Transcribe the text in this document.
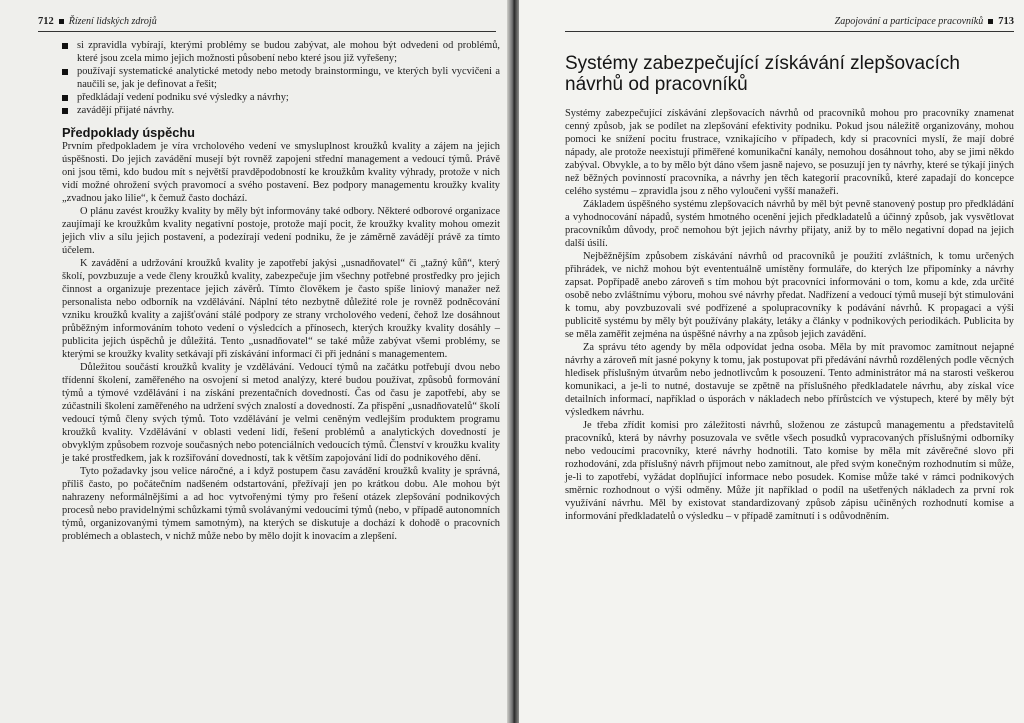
712 Řízení lidských zdrojů
si zpravidla vybírají, kterými problémy se budou zabývat, ale mohou být odvedeni od problémů, které jsou zcela mimo jejich možnosti působení nebo které jsou již vyřešeny;
používají systematické analytické metody nebo metody brainstormingu, ve kterých byli vycvičeni a naučili se, jak je definovat a řešit;
předkládají vedení podniku své výsledky a návrhy;
zavádějí přijaté návrhy.
Předpoklady úspěchu

Prvním předpokladem je víra vrcholového vedení ve smysluplnost kroužků kvality a zájem na jejich úspěšnosti. Do jejich zavádění musejí být rovněž zapojeni střední management a vedoucí týmů. Právě oni jsou těmi, kdo budou mít s největší pravděpodobností ke kroužkům kvality výhrady, protože v nich vidí možné ohrožení svých pravomocí a svého postavení. Bez podpory managementu kroužky kvality „zvadnou jako lilie“, k čemuž často dochází.

O plánu zavést kroužky kvality by měly být informovány také odbory. Některé odborové organizace zaujímají ke kroužkům kvality negativní postoje, protože mají pocit, že kroužky kvality mohou omezit jejich vliv a sílu jejich postavení, a podezírají vedení podniku, že je záměrně zavádějí právě za tímto účelem.

K zavádění a udržování kroužků kvality je zapotřebí jakýsi „usnadňovatel“ či „tažný kůň“, který školí, povzbuzuje a vede členy kroužků kvality, zabezpečuje jim všechny potřebné prostředky pro jejich činnost a organizuje prezentace jejich závěrů. Tímto člověkem je často spíše liniový manažer než personalista nebo odborník na vzdělávání. Náplní této nezbytně důležité role je rovněž podněcování vzniku kroužků kvality a zajišťování stálé podpory ze strany vrcholového vedení, čehož lze dosáhnout průběžným informováním tohoto vedení o výsledcích a přínosech, kterých kroužky kvality dosáhly – publicita jejich úspěchů je důležitá. Tento „usnadňovatel“ se také může zabývat všemi problémy, se kterými se kroužky kvality setkávají při získávání informací či při jednání s managementem.

Důležitou součástí kroužků kvality je vzdělávání. Vedoucí týmů na začátku potřebují dvou nebo třídenní školení, zaměřeného na osvojení si metod analýzy, které budou používat, způsobů formování týmů a týmové vzdělávání i na získání prezentačních dovedností. Čas od času je zapotřebí, aby se zúčastnili školení zaměřeného na udržení svých znalostí a dovedností. Za přispění „usnadňovatelů“ školí vedoucí týmů členy svých týmů. Toto vzdělávání je velmi ceněným vedlejším produktem programu kroužků kvality. Vzdělávání v oblasti vedení lidí, řešení problémů a analytických dovedností je obvyklým způsobem rozvoje současných nebo potenciálních vedoucích týmů. Členství v kroužku kvality je také prostředkem, jak k rozšiřování dovedností, tak k větším zapojování lidí do podnikového dění.

Tyto požadavky jsou velice náročné, a i když postupem času zavádění kroužků kvality je správná, příliš často, po počátečním nadšeném odstartování, přežívají jen po krátkou dobu. Ale mohou být nahrazeny neformálnějšími a ad hoc vytvořenými týmy pro řešení otázek zlepšování podnikových procesů nebo pravidelnými schůzkami týmů svolávanými vedoucími týmů (nebo, v případě autonomních týmů, organizovanými týmem samotným), na kterých se diskutuje a dochází k dohodě o pracovních problémech a oblastech, v nichž může nebo by mělo dojít k inovacím a zlepšení.

Zapojování a participace pracovníků 713
Systémy zabezpečující získávání zlepšovacích návrhů od pracovníků

Systémy zabezpečující získávání zlepšovacích návrhů od pracovníků mohou pro pracovníky znamenat cenný způsob, jak se podílet na zlepšování efektivity podniku. Pokud jsou náležitě organizovány, mohou pomoci ke snížení pocitu frustrace, vznikajícího v případech, kdy si pracovníci myslí, že mají dobré nápady, ale protože neexistují přiměřené komunikační kanály, nemohou dosáhnout toho, aby se jimi někdo zabýval. Obvykle, a to by mělo být dáno všem jasně najevo, se posuzují jen ty návrhy, které se týkají jiných než běžných povinností pracovníka, a návrhy jen těch kategorií pracovníků, které zapadají do koncepce celého systému – zpravidla jsou z něho vyloučeni vyšší manažeři.

Základem úspěšného systému zlepšovacích návrhů by měl být pevně stanovený postup pro předkládání a vyhodnocování nápadů, systém hmotného ocenění jejich předkladatelů a účinný způsob, jak vysvětlovat pracovníkům důvody, proč nemohou být jejich návrhy přijaty, aniž by to mělo negativní dopad na jejich další úsilí.

Nejběžnějším způsobem získávání návrhů od pracovníků je použití zvláštních, k tomu určených přihrádek, ve nichž mohou být evententuálně umístěny formuláře, do kterých lze připomínky a návrhy zapsat. Popřípadě anebo zároveň s tím mohou být pracovníci informováni o tom, komu a kde, zda určité osobě nebo zvláštnímu výboru, mohou své návrhy předat. Nadřízení a vedoucí týmů musejí být stimulováni k tomu, aby povzbuzovali své podřízené a spolupracovníky k podávání návrhů. K propagaci a výši publicitě systému by měly být používány plakáty, letáky a články v podnikových periodikách. Publicita by se měla zaměřit zejména na úspěšné návrhy a na způsob jejich zavádění.

Za správu této agendy by měla odpovídat jedna osoba. Měla by mít pravomoc zamítnout nejapné návrhy a zároveň mít jasné pokyny k tomu, jak postupovat při předávání návrhů rozdělených podle věcných hledisek příslušným útvarům nebo jednotlivcům k posouzení. Tento administrátor má na starosti veškerou komunikaci, a je-li to nutné, dostavuje se zpětně na příslušného předkladatele návrhu, aby získal více detailních informací, například o úsporách v nákladech nebo přírůstcích ve výstupech, které by měly být výsledkem návrhu.

Je třeba zřídit komisi pro záležitosti návrhů, složenou ze zástupců managementu a představitelů pracovníků, která by návrhy posuzovala ve světle všech posudků vypracovaných příslušnými odborníky nebo vedoucími pracovníky, které návrhy hodnotili. Tato komise by měla mít závěrečné slovo při rozhodování, zda příslušný návrh přijmout nebo zamítnout, ale před svým konečným rozhodnutím si může, je-li to zapotřebí, vyžádat doplňující informace nebo posudek. Komise může také v rámci podnikových směrnic rozhodnout o výši odměny. Může jít například o podíl na ušetřených nákladech za první rok využívání návrhu. Měl by existovat standardizovaný způsob zápisu učiněných rozhodnutí komise a informování předkladatelů o výsledku – v případě zamítnutí i s odůvodněním.
